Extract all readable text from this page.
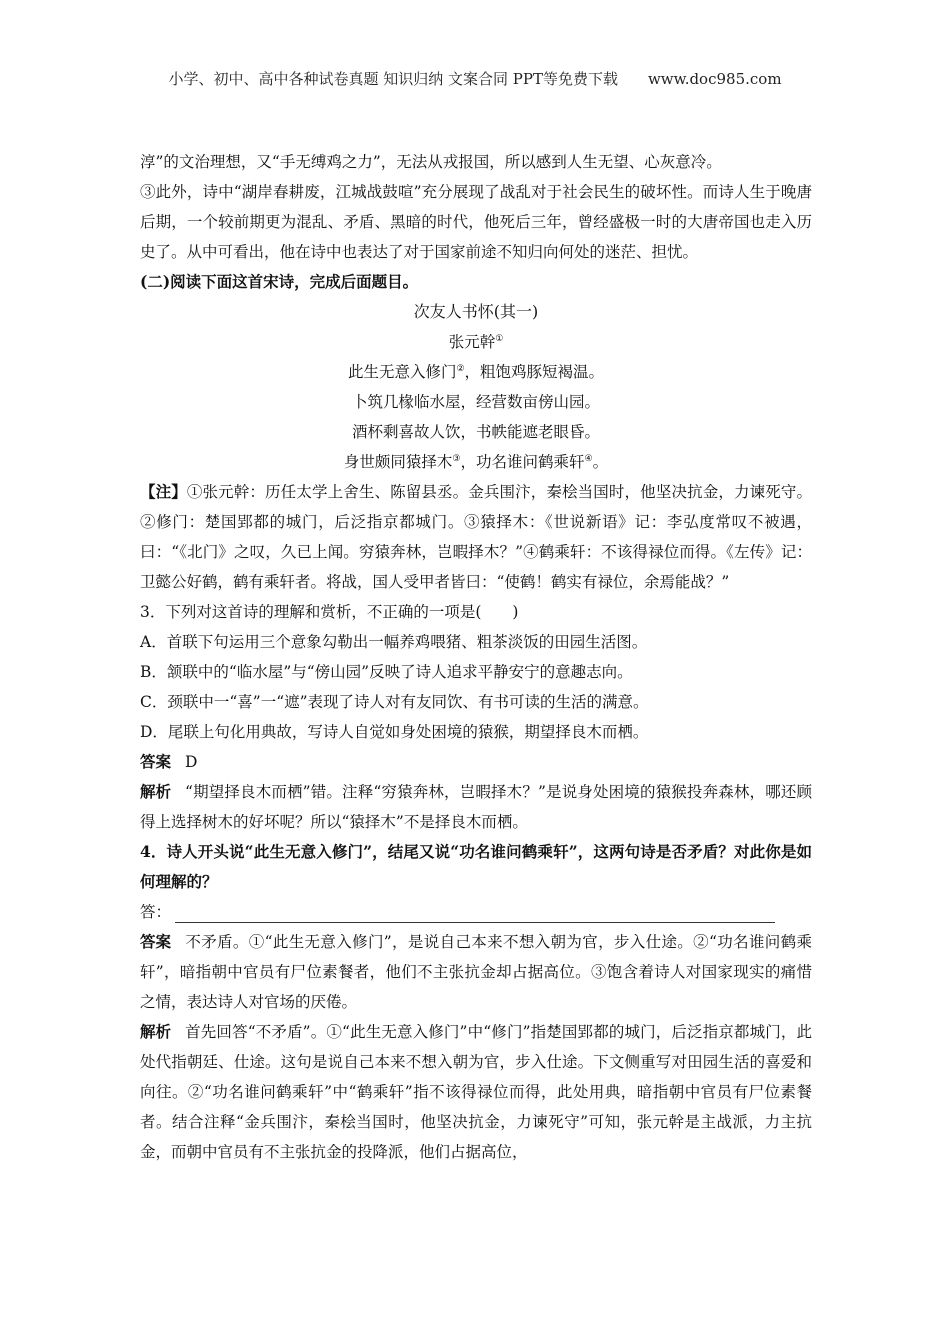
小学、初中、高中各种试卷真题 知识归纳 文案合同 PPT等免费下载　　www.doc985.com

淳”的文治理想，又“手无缚鸡之力”，无法从戎报国，所以感到人生无望、心灰意冷。

③此外，诗中“湖岸春耕废，江城战鼓喧”充分展现了战乱对于社会民生的破坏性。而诗人生于晚唐后期，一个较前期更为混乱、矛盾、黑暗的时代，他死后三年，曾经盛极一时的大唐帝国也走入历史了。从中可看出，他在诗中也表达了对于国家前途不知归向何处的迷茫、担忧。

(二)阅读下面这首宋诗，完成后面题目。

次友人书怀(其一)

张元幹①

此生无意入修门②，粗饱鸡豚短褐温。

卜筑几椽临水屋，经营数亩傍山园。

酒杯剩喜故人饮，书帙能遮老眼昏。

身世颇同猿择木③，功名谁问鹤乘轩④。

【注】①张元幹：历任太学上舍生、陈留县丞。金兵围汴，秦桧当国时，他坚决抗金，力谏死守。②修门：楚国郢都的城门，后泛指京都城门。③猿择木：《世说新语》记：李弘度常叹不被遇，曰：“《北门》之叹，久已上闻。穷猿奔林，岂暇择木？”④鹤乘轩：不该得禄位而得。《左传》记：卫懿公好鹤，鹤有乘轩者。将战，国人受甲者皆曰：“使鹤！鹤实有禄位，余焉能战？”

3．下列对这首诗的理解和赏析，不正确的一项是(　　)

A．首联下句运用三个意象勾勒出一幅养鸡喂猪、粗茶淡饭的田园生活图。

B．颔联中的“临水屋”与“傍山园”反映了诗人追求平静安宁的意趣志向。

C．颈联中一“喜”一“遮”表现了诗人对有友同饮、有书可读的生活的满意。

D．尾联上句化用典故，写诗人自觉如身处困境的猿猴，期望择良木而栖。

答案 D

解析 “期望择良木而栖”错。注释“穷猿奔林，岂暇择木？”是说身处困境的猿猴投奔森林，哪还顾得上选择树木的好坏呢？所以“猿择木”不是择良木而栖。

4．诗人开头说“此生无意入修门”，结尾又说“功名谁问鹤乘轩”，这两句诗是否矛盾？对此你是如何理解的？

答：

答案 不矛盾。①“此生无意入修门”，是说自己本来不想入朝为官，步入仕途。②“功名谁问鹤乘轩”，暗指朝中官员有尸位素餐者，他们不主张抗金却占据高位。③饱含着诗人对国家现实的痛惜之情，表达诗人对官场的厌倦。

解析 首先回答“不矛盾”。①“此生无意入修门”中“修门”指楚国郢都的城门，后泛指京都城门，此处代指朝廷、仕途。这句是说自己本来不想入朝为官，步入仕途。下文侧重写对田园生活的喜爱和向往。②“功名谁问鹤乘轩”中“鹤乘轩”指不该得禄位而得，此处用典，暗指朝中官员有尸位素餐者。结合注释“金兵围汴，秦桧当国时，他坚决抗金，力谏死守”可知，张元幹是主战派，力主抗金，而朝中官员有不主张抗金的投降派，他们占据高位，
